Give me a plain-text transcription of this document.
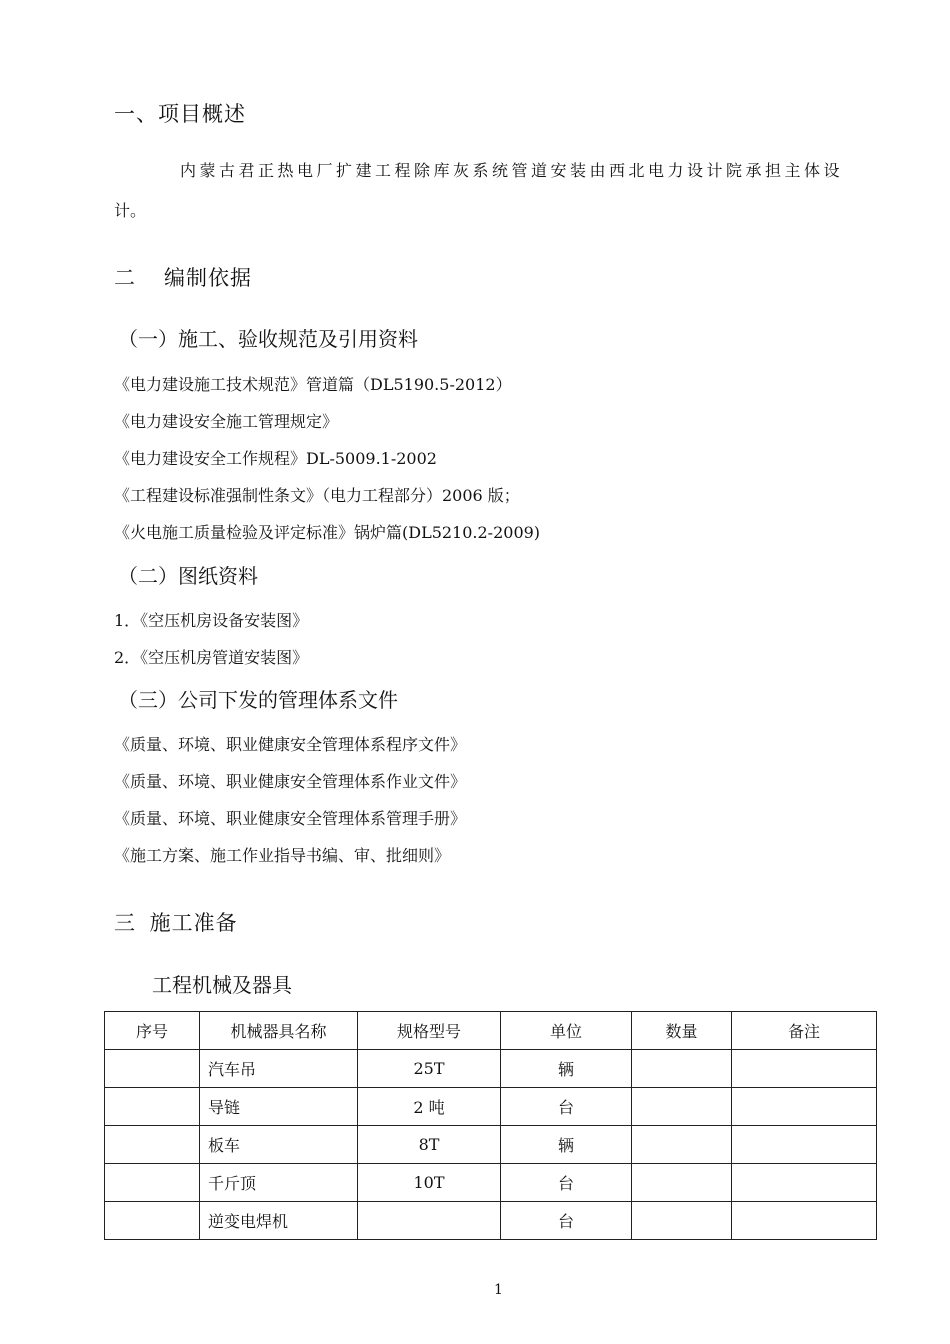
一、项目概述
内蒙古君正热电厂扩建工程除库灰系统管道安装由西北电力设计院承担主体设
计。
二 编制依据
（一）施工、验收规范及引用资料
《电力建设施工技术规范》管道篇（DL5190.5-2012）
《电力建设安全施工管理规定》
《电力建设安全工作规程》DL-5009.1-2002
《工程建设标准强制性条文》（电力工程部分）2006 版；
《火电施工质量检验及评定标准》锅炉篇(DL5210.2-2009)
（二）图纸资料
1．《空压机房设备安装图》
2．《空压机房管道安装图》
（三）公司下发的管理体系文件
《质量、环境、职业健康安全管理体系程序文件》
《质量、环境、职业健康安全管理体系作业文件》
《质量、环境、职业健康安全管理体系管理手册》
《施工方案、施工作业指导书编、审、批细则》
三 施工准备
工程机械及器具
序号	机械器具名称	规格型号	单位	数量	备注
	汽车吊	25T	辆		
	导链	2 吨	台		
	板车	8T	辆		
	千斤顶	10T	台		
	逆变电焊机		台		
1
